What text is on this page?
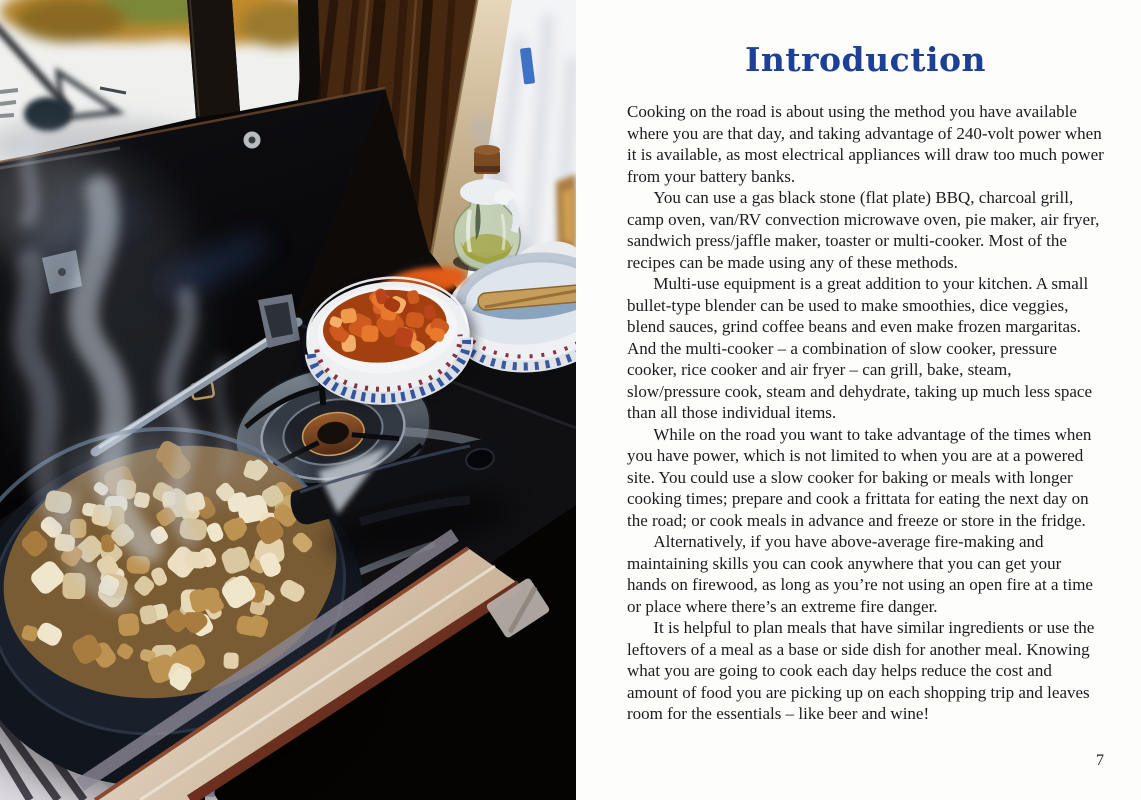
Introduction

Cooking on the road is about using the method you have available where you are that day, and taking advantage of 240-volt power when it is available, as most electrical appliances will draw too much power from your battery banks.

You can use a gas black stone (flat plate) BBQ, charcoal grill, camp oven, van/RV convection microwave oven, pie maker, air fryer, sandwich press/jaffle maker, toaster or multi-cooker. Most of the recipes can be made using any of these methods.

Multi-use equipment is a great addition to your kitchen. A small bullet-type blender can be used to make smoothies, dice veggies, blend sauces, grind coffee beans and even make frozen margaritas. And the multi-cooker – a combination of slow cooker, pressure cooker, rice cooker and air fryer – can grill, bake, steam, slow/pressure cook, steam and dehydrate, taking up much less space than all those individual items.

While on the road you want to take advantage of the times when you have power, which is not limited to when you are at a powered site. You could use a slow cooker for baking or meals with longer cooking times; prepare and cook a frittata for eating the next day on the road; or cook meals in advance and freeze or store in the fridge.

Alternatively, if you have above-average fire-making and maintaining skills you can cook anywhere that you can get your hands on firewood, as long as you’re not using an open fire at a time or place where there’s an extreme fire danger.

It is helpful to plan meals that have similar ingredients or use the leftovers of a meal as a base or side dish for another meal. Knowing what you are going to cook each day helps reduce the cost and amount of food you are picking up on each shopping trip and leaves room for the essentials – like beer and wine!

7
